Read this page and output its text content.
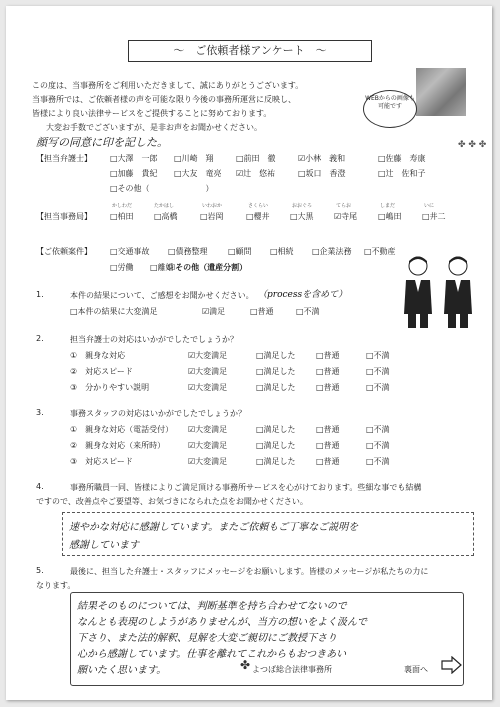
〜　ご依頼者様アンケート　〜
この度は、当事務所をご利用いただきまして、誠にありがとうございます。
当事務所では、ご依頼者様の声を可能な限り今後の事務所運営に反映し、
皆様により良い法律サービスをご提供することに努めております。
大変お手数でございますが、是非お声をお聞かせください。
WEBからの画像も可能です
✤ ✤ ✤
顔写の同意に印を記した。
【担当弁護士】 □大澤　一郎 □川崎　翔	□前田　徹	☑小林　義和	□佐藤　寿康
□加藤　貴紀 □大友　竜亮 ☑辻　悠祐	□坂口　香澄	□辻　佐和子
□その他（　　　　　　　）
【担当事務局】
かしわだ	たかはし	いわおか	さくらい	おおぐろ	てらお	しまだ	いに
□柏田	□高橋	□岩岡	□櫻井	□大黒	☑寺尾	□嶋田	□井二
【ご依頼案件】 □交通事故 □債務整理	□顧問 □相続 □企業法務 □不動産
□労働 □離婚
☑その他（遺産分割）
1.	本件の結果について、ご感想をお聞かせください。 （processを含めて）
□本件の結果に大変満足	☑満足	□普通	□不満
2.	担当弁護士の対応はいかがでしたでしょうか？
①　親身な対応	☑大変満足	□満足した	□普通	□不満
②　対応スピード	☑大変満足	□満足した	□普通	□不満
③　分かりやすい説明	☑大変満足	□満足した	□普通	□不満
3.	事務スタッフの対応はいかがでしたでしょうか？
①　親身な対応（電話受付） ☑大変満足	□満足した	□普通	□不満
②　親身な対応（来所時）	☑大変満足	□満足した	□普通	□不満
③　対応スピード	☑大変満足	□満足した	□普通	□不満
4.	事務所職員一同、皆様によりご満足頂ける事務所サービスを心がけております。些細な事でも結構
ですので、改善点やご要望等、お気づきになられた点をお聞かせください。
速やかな対応に感謝しています。またご依頼もご丁寧なご説明を
感謝しています
5.	最後に、担当した弁護士・スタッフにメッセージをお願いします。皆様のメッセージが私たちの力に
なります。
結果そのものについては、判断基準を持ち合わせてないので
なんとも表現のしようがありませんが、当方の想いをよく汲んで
下さり、また法的解釈、見解を大変ご親切にご教授下さり
心から感謝しています。仕事を離れてこれからもおつきあい
願いたく思います。	✤ よつば総合法律事務所	裏面へ
